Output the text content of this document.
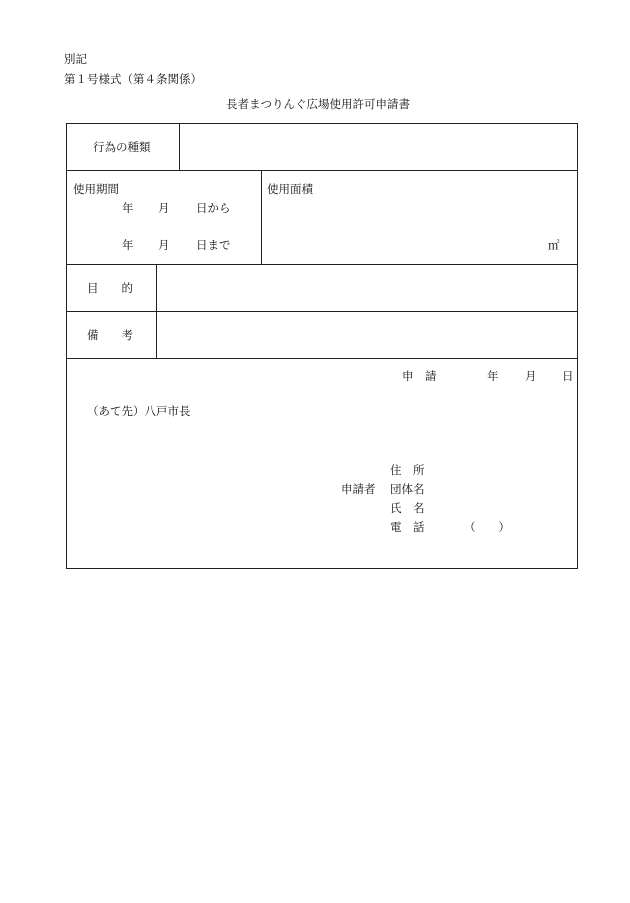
別記
第１号様式（第４条関係）
長者まつりんぐ広場使用許可申請書
行為の種類
使用期間
年 月 日から
年 月 日まで
使用面積
㎡
目　　的
備　　考
申　請	年 月 日
（あて先）八戸市長
申請者
住　所
団体名
氏　名
電　話	（　　）
